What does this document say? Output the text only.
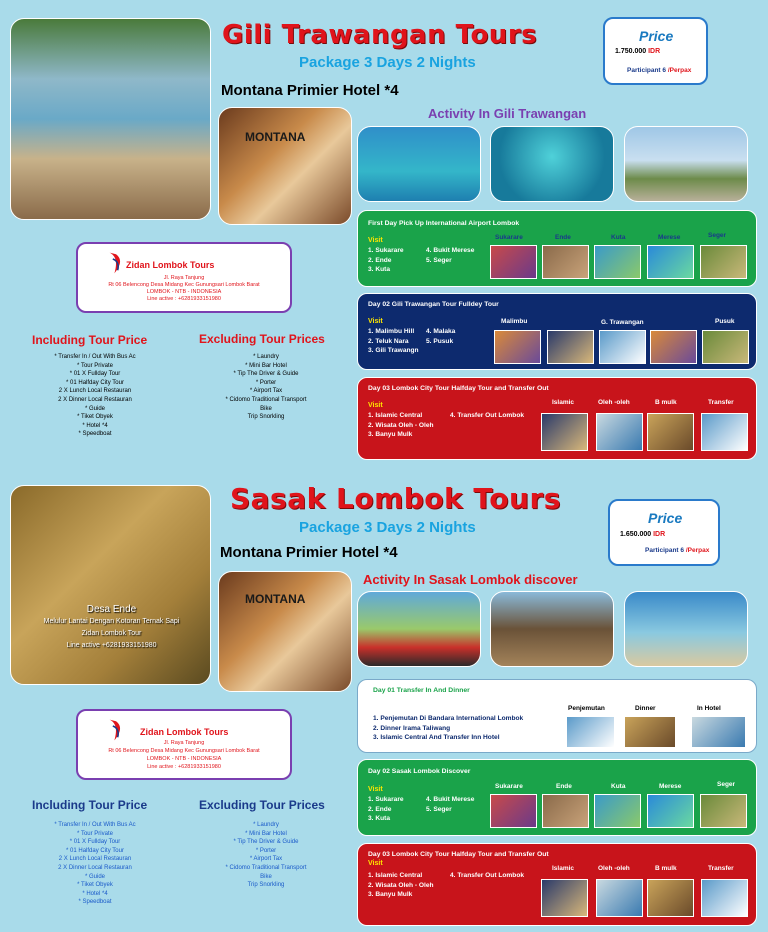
Gili Trawangan Tours
Package 3 Days 2 Nights
Montana Primier Hotel *4
Price
1.750.000 IDR
Participant 6 /Perpax
MONTANA
Activity In Gili Trawangan
Zidan Lombok Tours
Jl. Raya Tanjung
Rt 06 Belencong Desa Midang Kec Gunungsari Lombok Barat
LOMBOK - NTB - INDONESIA
Line active : +6281933151980
Including Tour Price	Excluding Tour Prices
* Transfer In / Out With Bus Ac
* Tour Private
* 01 X Fullday Tour
* 01 Halfday City Tour
2 X Lunch Local Restauran
2 X Dinner Local Restauran
* Guide
* Tiket Obyek
* Hotel *4
* Speedboat
* Laundry
* Mini Bar Hotel
* Tip The Driver & Guide
* Porter
* Airport Tax
* Cidomo Traditional Transport
Bike
Trip Snorkling
First Day Pick Up International Airport Lombok
Visit
1. Sukarare
2. Ende
3. Kuta
4. Bukit Merese
5. Seger
Sukarare	Ende	Kuta	Merese	Seger
Day 02 Gili Trawangan Tour Fulldey Tour
Visit
1. Malimbu Hill
2. Teluk Nara
3. Gili Trawangn
4. Malaka
5. Pusuk
Malimbu	G. Trawangan	Pusuk
Day 03 Lombok City Tour Halfday Tour and Transfer Out
Visit
1. Islamic Central
2. Wisata Oleh - Oleh
3. Banyu Mulk
4. Transfer Out Lombok
Islamic	Oleh -oleh	B mulk	Transfer
Desa Ende
Melulur Lantai Dengan Kotoran Ternak Sapi
Zidan Lombok Tour
Line active +6281933151980
Sasak Lombok Tours
Package 3 Days 2 Nights
Montana Primier Hotel *4
Price
1.650.000 IDR
Participant 6 /Perpax
MONTANA
Activity In Sasak Lombok discover
Zidan Lombok Tours
Jl. Raya Tanjung
Rt 06 Belencong Desa Midang Kec Gunungsari Lombok Barat
LOMBOK - NTB - INDONESIA
Line active : +6281933151980
Including Tour Price	Excluding Tour Prices
* Transfer In / Out With Bus Ac
* Tour Private
* 01 X Fullday Tour
* 01 Halfday City Tour
2 X Lunch Local Restauran
2 X Dinner Local Restauran
* Guide
* Tiket Obyek
* Hotel *4
* Speedboat
* Laundry
* Mini Bar Hotel
* Tip The Driver & Guide
* Porter
* Airport Tax
* Cidomo Traditional Transport
Bike
Trip Snorkling
Day 01 Transfer In And Dinner
1. Penjemutan Di Bandara International Lombok
2. Dinner Irama Taliwang
3. Islamic Central And Transfer Inn Hotel
Penjemutan	Dinner	In Hotel
Day 02 Sasak Lombok Discover
Visit
1. Sukarare
2. Ende
3. Kuta
4. Bukit Merese
5. Seger
Sukarare	Ende	Kuta	Merese	Seger
Day 03 Lombok City Tour Halfday Tour and Transfer Out
Visit
1. Islamic Central
2. Wisata Oleh - Oleh
3. Banyu Mulk
4. Transfer Out Lombok
Islamic	Oleh -oleh	B mulk	Transfer
